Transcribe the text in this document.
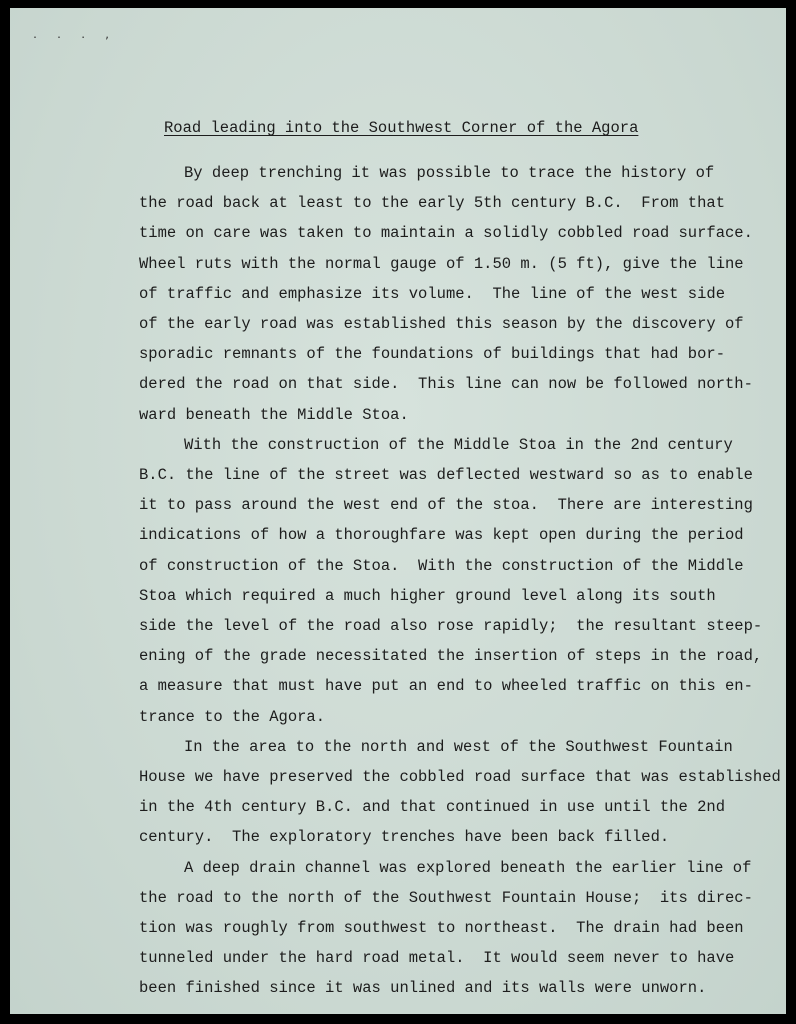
. . . ,
Road leading into the Southwest Corner of the Agora
By deep trenching it was possible to trace the history of
the road back at least to the early 5th century B.C.  From that
time on care was taken to maintain a solidly cobbled road surface.
Wheel ruts with the normal gauge of 1.50 m. (5 ft), give the line
of traffic and emphasize its volume.  The line of the west side
of the early road was established this season by the discovery of
sporadic remnants of the foundations of buildings that had bor-
dered the road on that side.  This line can now be followed north-
ward beneath the Middle Stoa.
With the construction of the Middle Stoa in the 2nd century
B.C. the line of the street was deflected westward so as to enable
it to pass around the west end of the stoa.  There are interesting
indications of how a thoroughfare was kept open during the period
of construction of the Stoa.  With the construction of the Middle
Stoa which required a much higher ground level along its south
side the level of the road also rose rapidly;  the resultant steep-
ening of the grade necessitated the insertion of steps in the road,
a measure that must have put an end to wheeled traffic on this en-
trance to the Agora.
In the area to the north and west of the Southwest Fountain
House we have preserved the cobbled road surface that was established
in the 4th century B.C. and that continued in use until the 2nd
century.  The exploratory trenches have been back filled.
A deep drain channel was explored beneath the earlier line of
the road to the north of the Southwest Fountain House;  its direc-
tion was roughly from southwest to northeast.  The drain had been
tunneled under the hard road metal.  It would seem never to have
been finished since it was unlined and its walls were unworn.
